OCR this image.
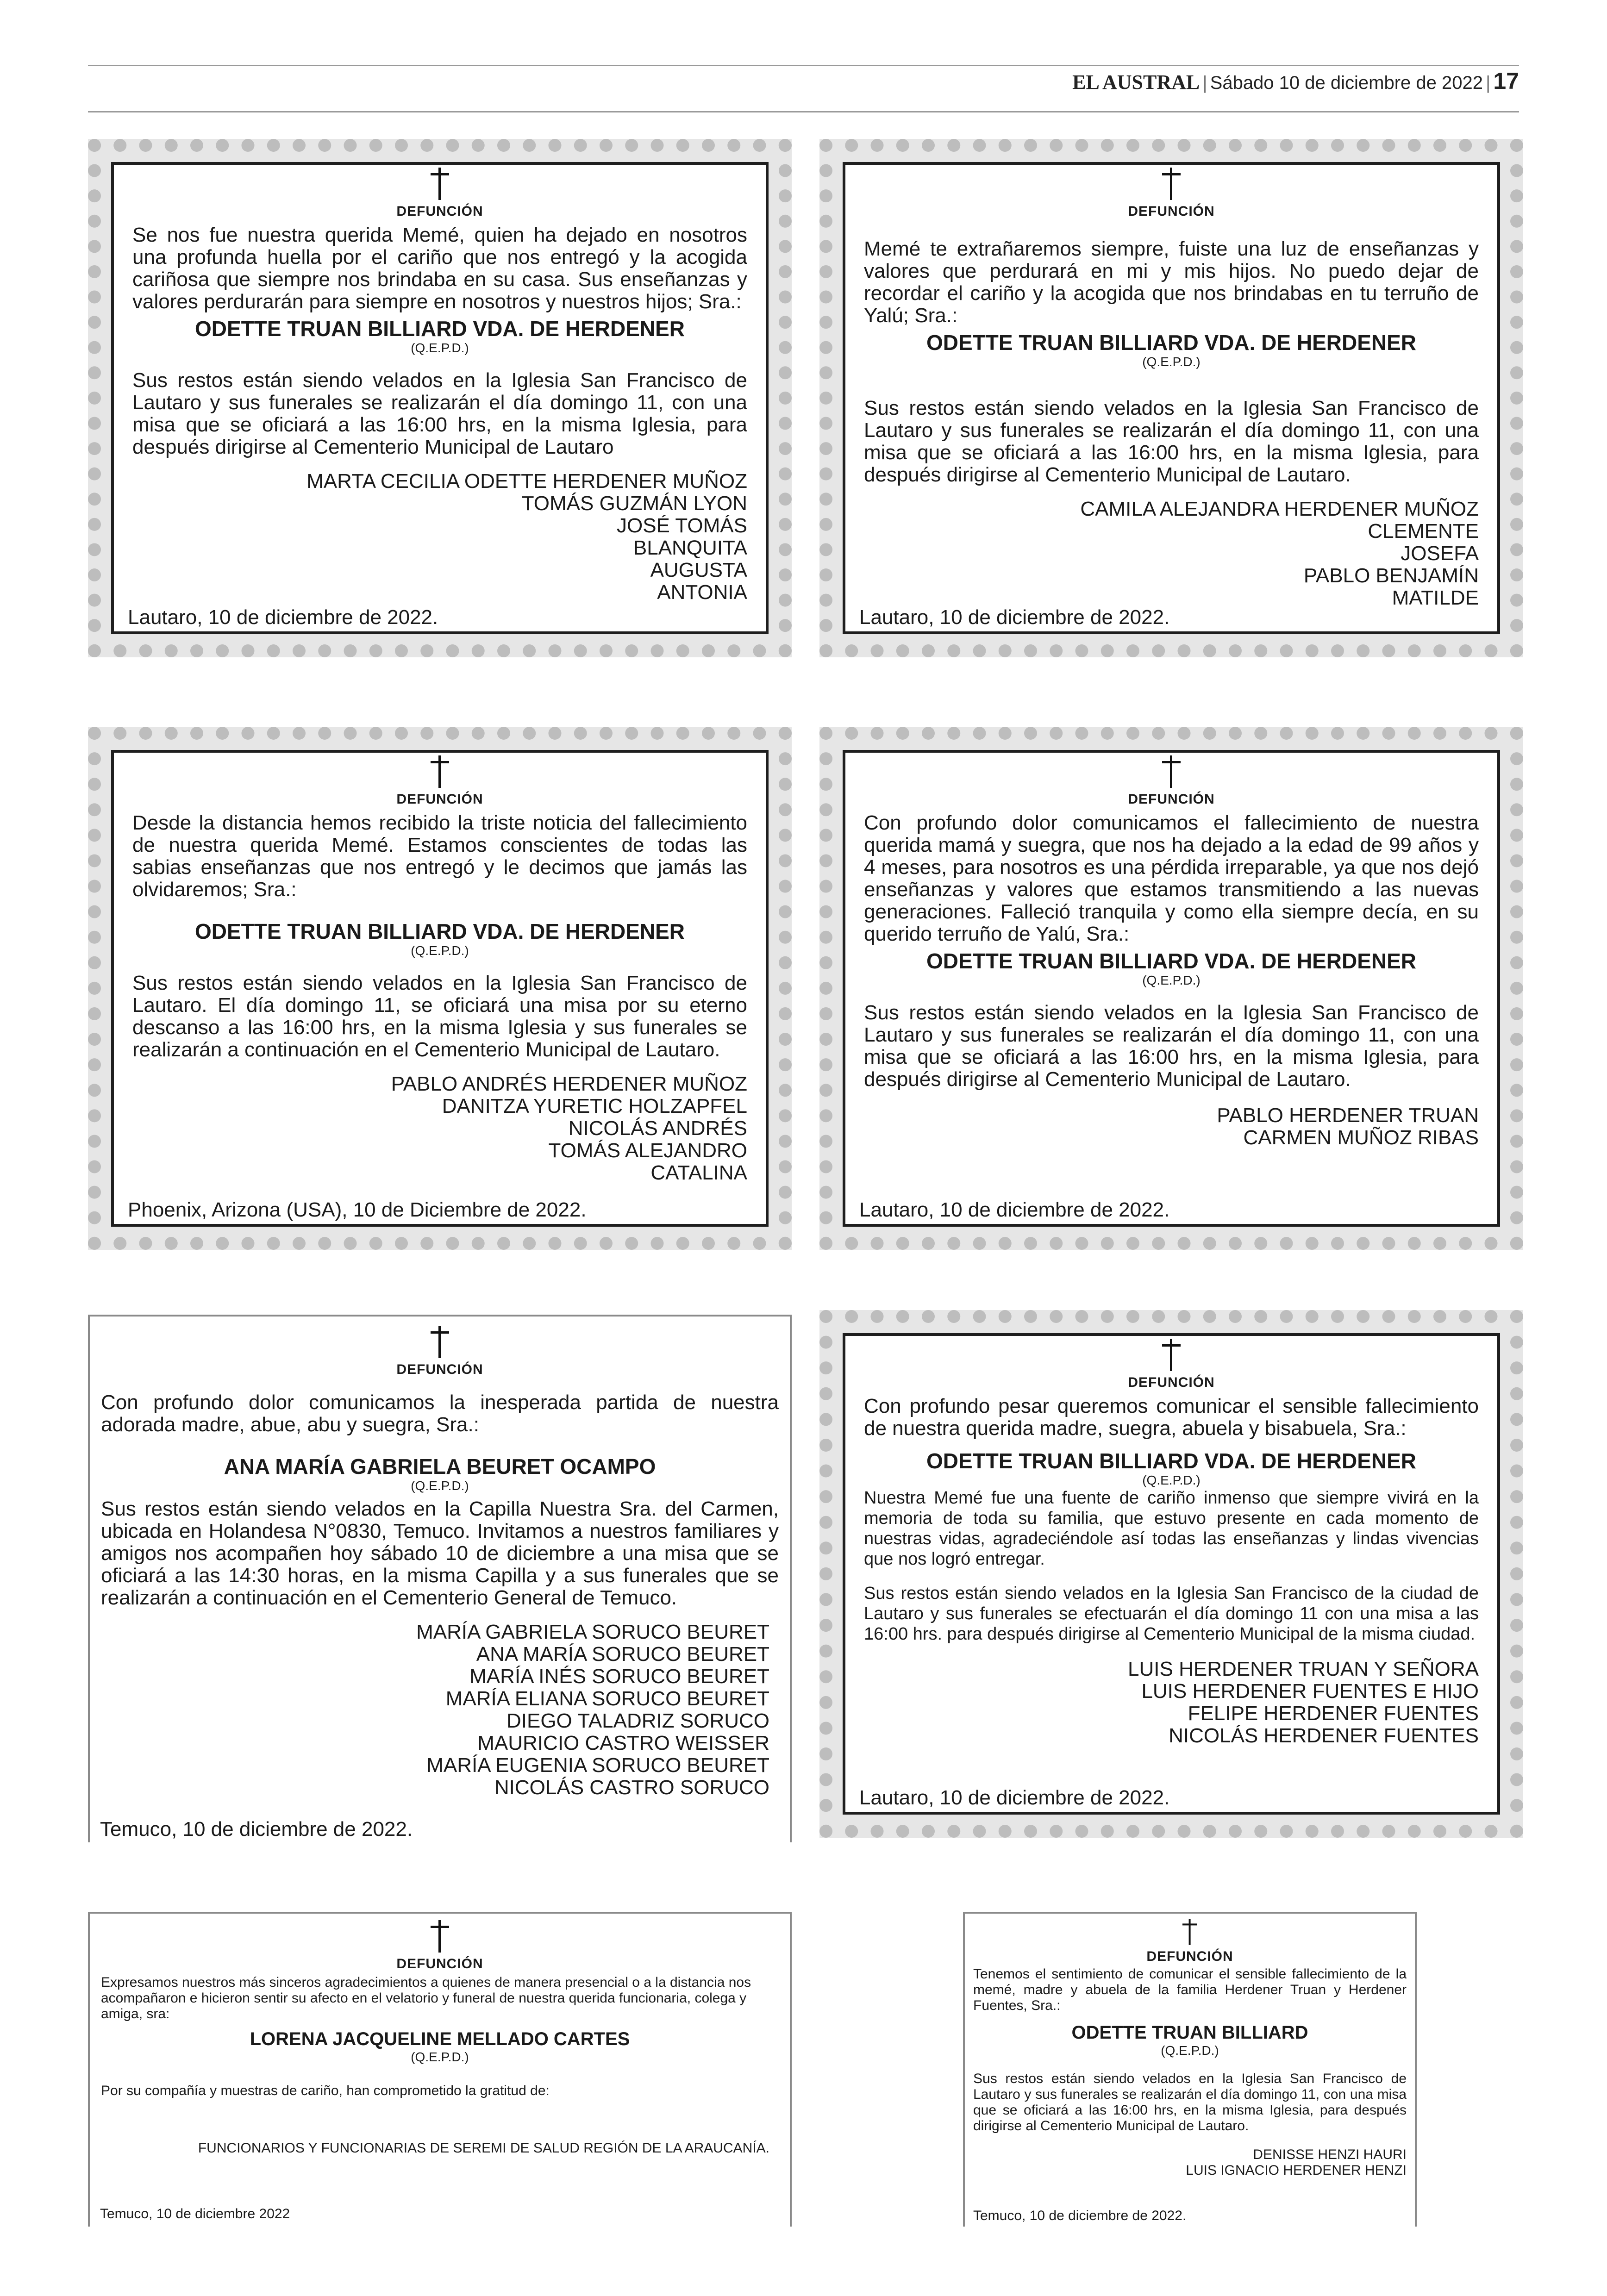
EL AUSTRAL | Sábado 10 de diciembre de 2022 | 17
DEFUNCIÓN

Se nos fue nuestra querida Memé, quien ha dejado en nosotros una profunda huella por el cariño que nos entregó y la acogida cariñosa que siempre nos brindaba en su casa. Sus enseñanzas y valores perdurarán para siempre en nosotros y nuestros hijos; Sra.:

ODETTE TRUAN BILLIARD VDA. DE HERDENER
(Q.E.P.D.)

Sus restos están siendo velados en la Iglesia San Francisco de Lautaro y sus funerales se realizarán el día domingo 11, con una misa que se oficiará a las 16:00 hrs, en la misma Iglesia, para después dirigirse al Cementerio Municipal de Lautaro

MARTA CECILIA ODETTE HERDENER MUÑOZ
TOMÁS GUZMÁN LYON
JOSÉ TOMÁS
BLANQUITA
AUGUSTA
ANTONIA
Lautaro, 10 de diciembre de 2022.
DEFUNCIÓN

Memé te extrañaremos siempre, fuiste una luz de enseñanzas y valores que perdurará en mi y mis hijos. No puedo dejar de recordar el cariño y la acogida que nos brindabas en tu terruño de Yalú; Sra.:

ODETTE TRUAN BILLIARD VDA. DE HERDENER
(Q.E.P.D.)

Sus restos están siendo velados en la Iglesia San Francisco de Lautaro y sus funerales se realizarán el día domingo 11, con una misa que se oficiará a las 16:00 hrs, en la misma Iglesia, para después dirigirse al Cementerio Municipal de Lautaro.

CAMILA ALEJANDRA HERDENER MUÑOZ
CLEMENTE
JOSEFA
PABLO BENJAMÍN
MATILDE
Lautaro, 10 de diciembre de 2022.
DEFUNCIÓN

Desde la distancia hemos recibido la triste noticia del fallecimiento de nuestra querida Memé. Estamos conscientes de todas las sabias enseñanzas que nos entregó y le decimos que jamás las olvidaremos; Sra.:

ODETTE TRUAN BILLIARD VDA. DE HERDENER
(Q.E.P.D.)

Sus restos están siendo velados en la Iglesia San Francisco de Lautaro. El día domingo 11, se oficiará una misa por su eterno descanso a las 16:00 hrs, en la misma Iglesia y sus funerales se realizarán a continuación en el Cementerio Municipal de Lautaro.

PABLO ANDRÉS HERDENER MUÑOZ
DANITZA YURETIC HOLZAPFEL
NICOLÁS ANDRÉS
TOMÁS ALEJANDRO
CATALINA
Phoenix, Arizona (USA), 10 de Diciembre de 2022.
DEFUNCIÓN

Con profundo dolor comunicamos el fallecimiento de nuestra querida mamá y suegra, que nos ha dejado a la edad de 99 años y 4 meses, para nosotros es una pérdida irreparable, ya que nos dejó enseñanzas y valores que estamos transmitiendo a las nuevas generaciones. Falleció tranquila y como ella siempre decía, en su querido terruño de Yalú, Sra.:

ODETTE TRUAN BILLIARD VDA. DE HERDENER
(Q.E.P.D.)

Sus restos están siendo velados en la Iglesia San Francisco de Lautaro y sus funerales se realizarán el día domingo 11, con una misa que se oficiará a las 16:00 hrs, en la misma Iglesia, para después dirigirse al Cementerio Municipal de Lautaro.

PABLO HERDENER TRUAN
CARMEN MUÑOZ RIBAS
Lautaro, 10 de diciembre de 2022.
DEFUNCIÓN

Con profundo dolor comunicamos la inesperada partida de nuestra adorada madre, abue, abu y suegra, Sra.:

ANA MARÍA GABRIELA BEURET OCAMPO
(Q.E.P.D.)

Sus restos están siendo velados en la Capilla Nuestra Sra. del Carmen, ubicada en Holandesa N°0830, Temuco. Invitamos a nuestros familiares y amigos nos acompañen hoy sábado 10 de diciembre a una misa que se oficiará a las 14:30 horas, en la misma Capilla y a sus funerales que se realizarán a continuación en el Cementerio General de Temuco.

MARÍA GABRIELA SORUCO BEURET
ANA MARÍA SORUCO BEURET
MARÍA INÉS SORUCO BEURET
MARÍA ELIANA SORUCO BEURET
DIEGO TALADRIZ SORUCO
MAURICIO CASTRO WEISSER
MARÍA EUGENIA SORUCO BEURET
NICOLÁS CASTRO SORUCO
Temuco, 10 de diciembre de 2022.
DEFUNCIÓN

Con profundo pesar queremos comunicar el sensible fallecimiento de nuestra querida madre, suegra, abuela y bisabuela, Sra.:

ODETTE TRUAN BILLIARD VDA. DE HERDENER
(Q.E.P.D.)

Nuestra Memé fue una fuente de cariño inmenso que siempre vivirá en la memoria de toda su familia, que estuvo presente en cada momento de nuestras vidas, agradeciéndole así todas las enseñanzas y lindas vivencias que nos logró entregar.

Sus restos están siendo velados en la Iglesia San Francisco de la ciudad de Lautaro y sus funerales se efectuarán el día domingo 11 con una misa a las 16:00 hrs. para después dirigirse al Cementerio Municipal de la misma ciudad.

LUIS HERDENER TRUAN Y SEÑORA
LUIS HERDENER FUENTES E HIJO
FELIPE HERDENER FUENTES
NICOLÁS HERDENER FUENTES
Lautaro, 10 de diciembre de 2022.
DEFUNCIÓN

Expresamos nuestros más sinceros agradecimientos a quienes de manera presencial o a la distancia nos acompañaron e hicieron sentir su afecto en el velatorio y funeral de nuestra querida funcionaria, colega y amiga, sra:

LORENA JACQUELINE MELLADO CARTES
(Q.E.P.D.)

Por su compañía y muestras de cariño, han comprometido la gratitud de:

FUNCIONARIOS Y FUNCIONARIAS DE SEREMI DE SALUD REGIÓN DE LA ARAUCANÍA.
Temuco, 10 de diciembre 2022
DEFUNCIÓN

Tenemos el sentimiento de comunicar el sensible fallecimiento de la memé, madre y abuela de la familia Herdener Truan y Herdener Fuentes, Sra.:

ODETTE TRUAN BILLIARD
(Q.E.P.D.)

Sus restos están siendo velados en la Iglesia San Francisco de Lautaro y sus funerales se realizarán el día domingo 11, con una misa que se oficiará a las 16:00 hrs, en la misma Iglesia, para después dirigirse al Cementerio Municipal de Lautaro.

DENISSE HENZI HAURI
LUIS IGNACIO HERDENER HENZI
Temuco, 10 de diciembre de 2022.
